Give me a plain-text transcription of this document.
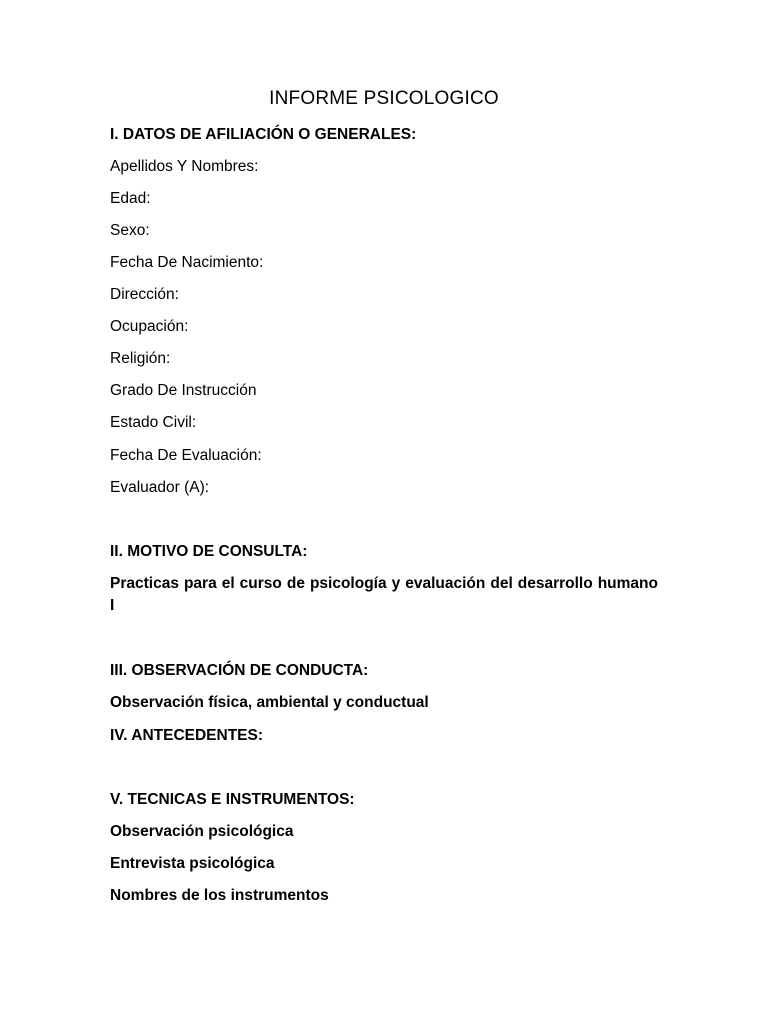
INFORME PSICOLOGICO
I. DATOS DE AFILIACIÓN O GENERALES:
Apellidos Y Nombres:
Edad:
Sexo:
Fecha De Nacimiento:
Dirección:
Ocupación:
Religión:
Grado De Instrucción
Estado Civil:
Fecha De Evaluación:
Evaluador (A):
II. MOTIVO DE CONSULTA:
Practicas para el curso de psicología y evaluación del desarrollo humano I
III. OBSERVACIÓN DE CONDUCTA:
Observación física, ambiental y conductual
IV. ANTECEDENTES:
V. TECNICAS E INSTRUMENTOS:
Observación psicológica
Entrevista psicológica
Nombres de los instrumentos
